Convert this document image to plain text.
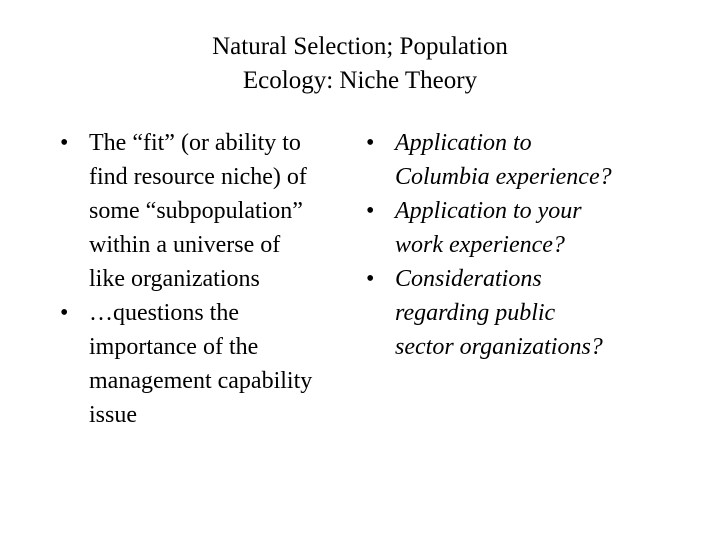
Natural Selection; Population
Ecology: Niche Theory
• The “fit” (or ability to
find resource niche) of
some “subpopulation”
within a universe of
like organizations
• …questions the
importance of the
management capability
issue
• Application to
Columbia experience?
• Application to your
work experience?
• Considerations
regarding public
sector organizations?
